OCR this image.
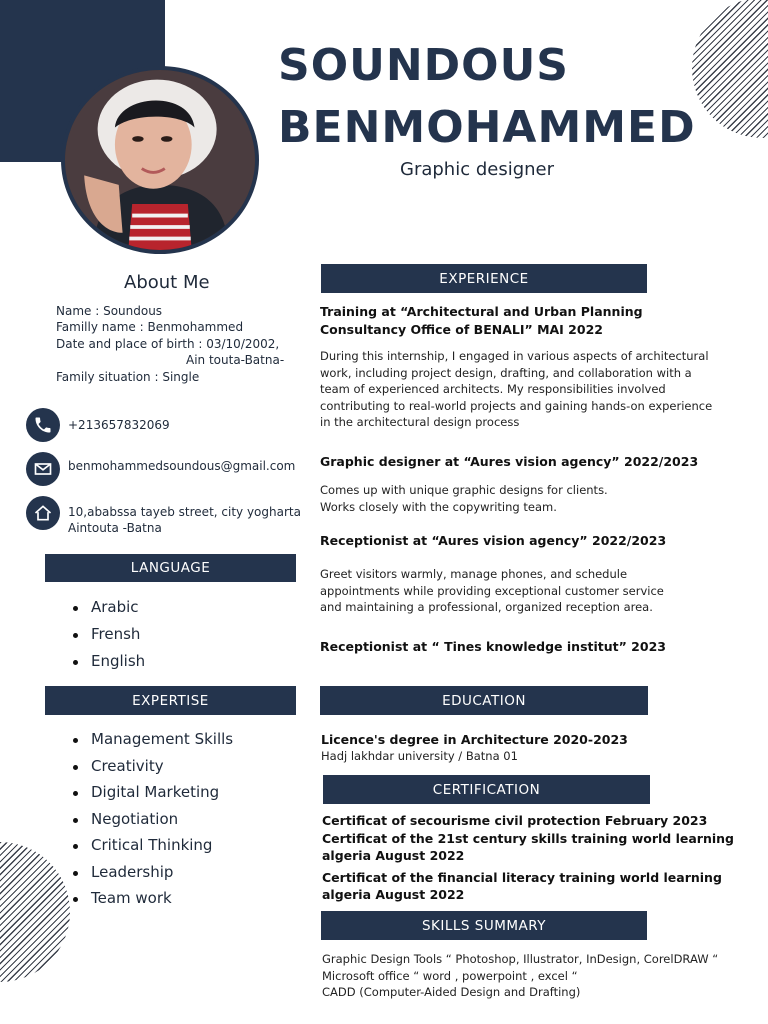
SOUNDOUS
BENMOHAMMED
Graphic designer
About Me
Name : Soundous
Familly name : Benmohammed
Date and place of birth : 03/10/2002,
Ain touta-Batna-
Family situation : Single
+213657832069
benmohammedsoundous@gmail.com
10,ababssa tayeb street, city yogharta
Aintouta -Batna
LANGUAGE
Arabic
Frensh
English
EXPERTISE
Management Skills
Creativity
Digital Marketing
Negotiation
Critical Thinking
Leadership
Team work
EXPERIENCE
Training at “Architectural and Urban Planning
Consultancy Office of BENALI” MAI 2022
During this internship, I engaged in various aspects of architectural
work, including project design, drafting, and collaboration with a
team of experienced architects. My responsibilities involved
contributing to real-world projects and gaining hands-on experience
in the architectural design process
Graphic designer at “Aures vision agency” 2022/2023
Comes up with unique graphic designs for clients.
Works closely with the copywriting team.
Receptionist at “Aures vision agency” 2022/2023
Greet visitors warmly, manage phones, and schedule
appointments while providing exceptional customer service
and maintaining a professional, organized reception area.
Receptionist at “ Tines knowledge institut” 2023
EDUCATION
Licence's degree in Architecture 2020-2023
Hadj lakhdar university / Batna 01
CERTIFICATION
Certificat of secourisme civil protection February 2023
Certificat of the 21st century skills training world learning
algeria August 2022
Certificat of the financial literacy training world learning
algeria August 2022
SKILLS SUMMARY
Graphic Design Tools “ Photoshop, Illustrator, InDesign, CorelDRAW “
Microsoft office “ word , powerpoint , excel “
CADD (Computer-Aided Design and Drafting)
